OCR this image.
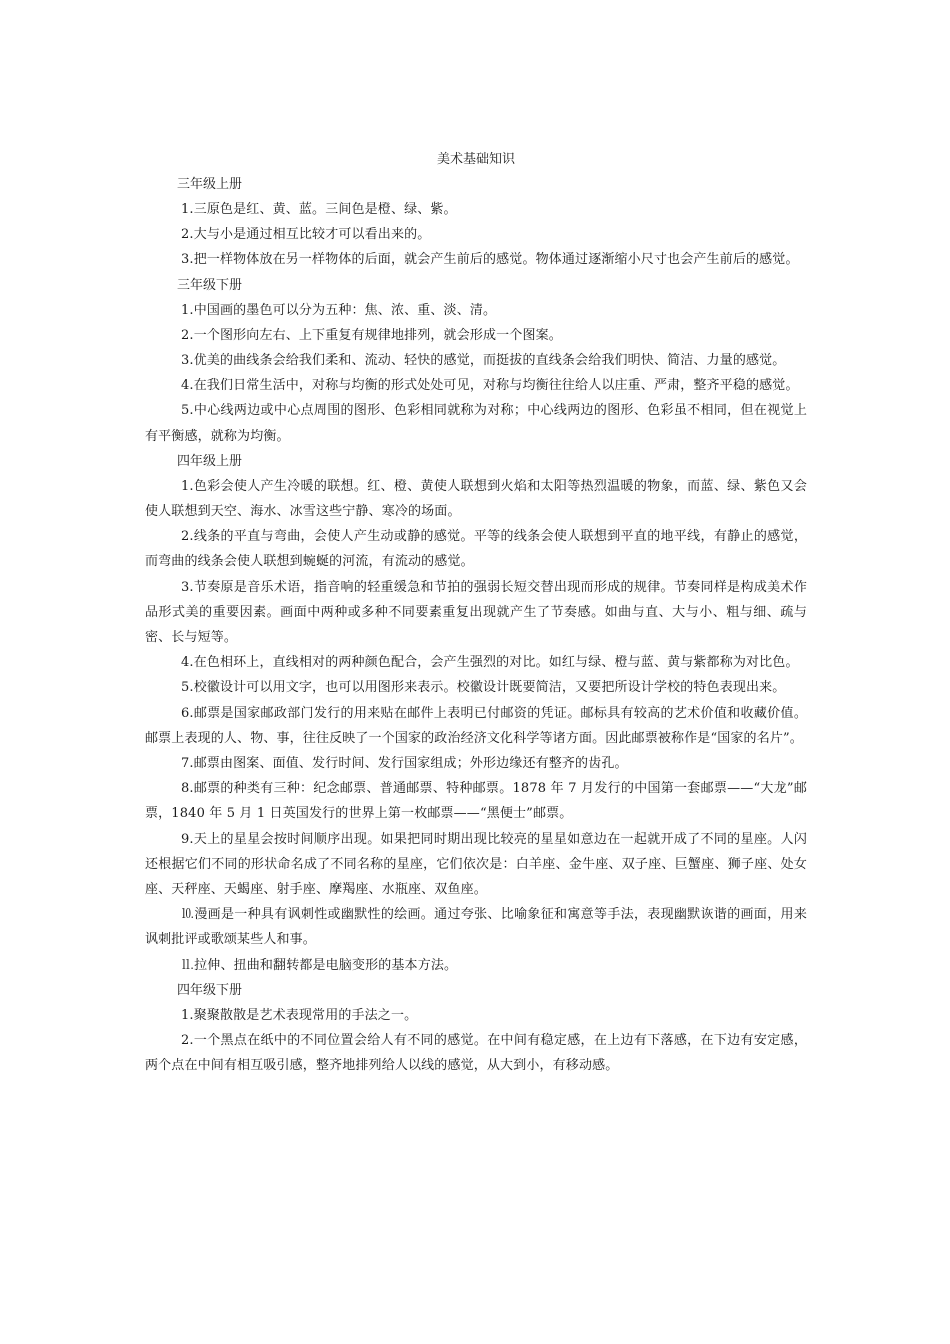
美术基础知识

三年级上册

1.三原色是红、黄、蓝。三间色是橙、绿、紫。

2.大与小是通过相互比较才可以看出来的。

3.把一样物体放在另一样物体的后面，就会产生前后的感觉。物体通过逐渐缩小尺寸也会产生前后的感觉。

三年级下册

1.中国画的墨色可以分为五种：焦、浓、重、淡、清。

2.一个图形向左右、上下重复有规律地排列，就会形成一个图案。

3.优美的曲线条会给我们柔和、流动、轻快的感觉，而挺拔的直线条会给我们明快、简洁、力量的感觉。

4.在我们日常生活中，对称与均衡的形式处处可见，对称与均衡往往给人以庄重、严肃，整齐平稳的感觉。

5.中心线两边或中心点周围的图形、色彩相同就称为对称；中心线两边的图形、色彩虽不相同，但在视觉上有平衡感，就称为均衡。

四年级上册

1.色彩会使人产生冷暖的联想。红、橙、黄使人联想到火焰和太阳等热烈温暖的物象，而蓝、绿、紫色又会使人联想到天空、海水、冰雪这些宁静、寒冷的场面。

2.线条的平直与弯曲，会使人产生动或静的感觉。平等的线条会使人联想到平直的地平线，有静止的感觉，而弯曲的线条会使人联想到蜿蜒的河流，有流动的感觉。

3.节奏原是音乐术语，指音响的轻重缓急和节拍的强弱长短交替出现而形成的规律。节奏同样是构成美术作品形式美的重要因素。画面中两种或多种不同要素重复出现就产生了节奏感。如曲与直、大与小、粗与细、疏与密、长与短等。

4.在色相环上，直线相对的两种颜色配合，会产生强烈的对比。如红与绿、橙与蓝、黄与紫都称为对比色。

5.校徽设计可以用文字，也可以用图形来表示。校徽设计既要简洁，又要把所设计学校的特色表现出来。

6.邮票是国家邮政部门发行的用来贴在邮件上表明已付邮资的凭证。邮标具有较高的艺术价值和收藏价值。邮票上表现的人、物、事，往往反映了一个国家的政治经济文化科学等诸方面。因此邮票被称作是“国家的名片”。

7.邮票由图案、面值、发行时间、发行国家组成；外形边缘还有整齐的齿孔。

8.邮票的种类有三种：纪念邮票、普通邮票、特种邮票。1878 年 7 月发行的中国第一套邮票——“大龙”邮票，1840 年 5 月 1 日英国发行的世界上第一枚邮票——“黑便士”邮票。

9.天上的星星会按时间顺序出现。如果把同时期出现比较亮的星星如意边在一起就开成了不同的星座。人闪还根据它们不同的形状命名成了不同名称的星座，它们依次是：白羊座、金牛座、双子座、巨蟹座、狮子座、处女座、天秤座、天蝎座、射手座、摩羯座、水瓶座、双鱼座。

⒑漫画是一种具有讽刺性或幽默性的绘画。通过夸张、比喻象征和寓意等手法，表现幽默诙谐的画面，用来讽刺批评或歌颂某些人和事。

⒒拉伸、扭曲和翻转都是电脑变形的基本方法。

四年级下册

1.聚聚散散是艺术表现常用的手法之一。

2.一个黑点在纸中的不同位置会给人有不同的感觉。在中间有稳定感，在上边有下落感，在下边有安定感，两个点在中间有相互吸引感，整齐地排列给人以线的感觉，从大到小，有移动感。
